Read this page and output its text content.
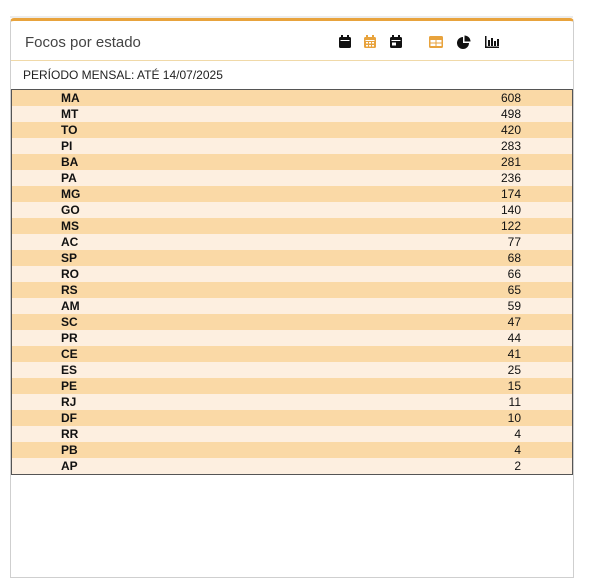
Focos por estado
PERÍODO MENSAL: ATÉ 14/07/2025
MA	608
MT	498
TO	420
PI	283
BA	281
PA	236
MG	174
GO	140
MS	122
AC	77
SP	68
RO	66
RS	65
AM	59
SC	47
PR	44
CE	41
ES	25
PE	15
RJ	11
DF	10
RR	4
PB	4
AP	2
